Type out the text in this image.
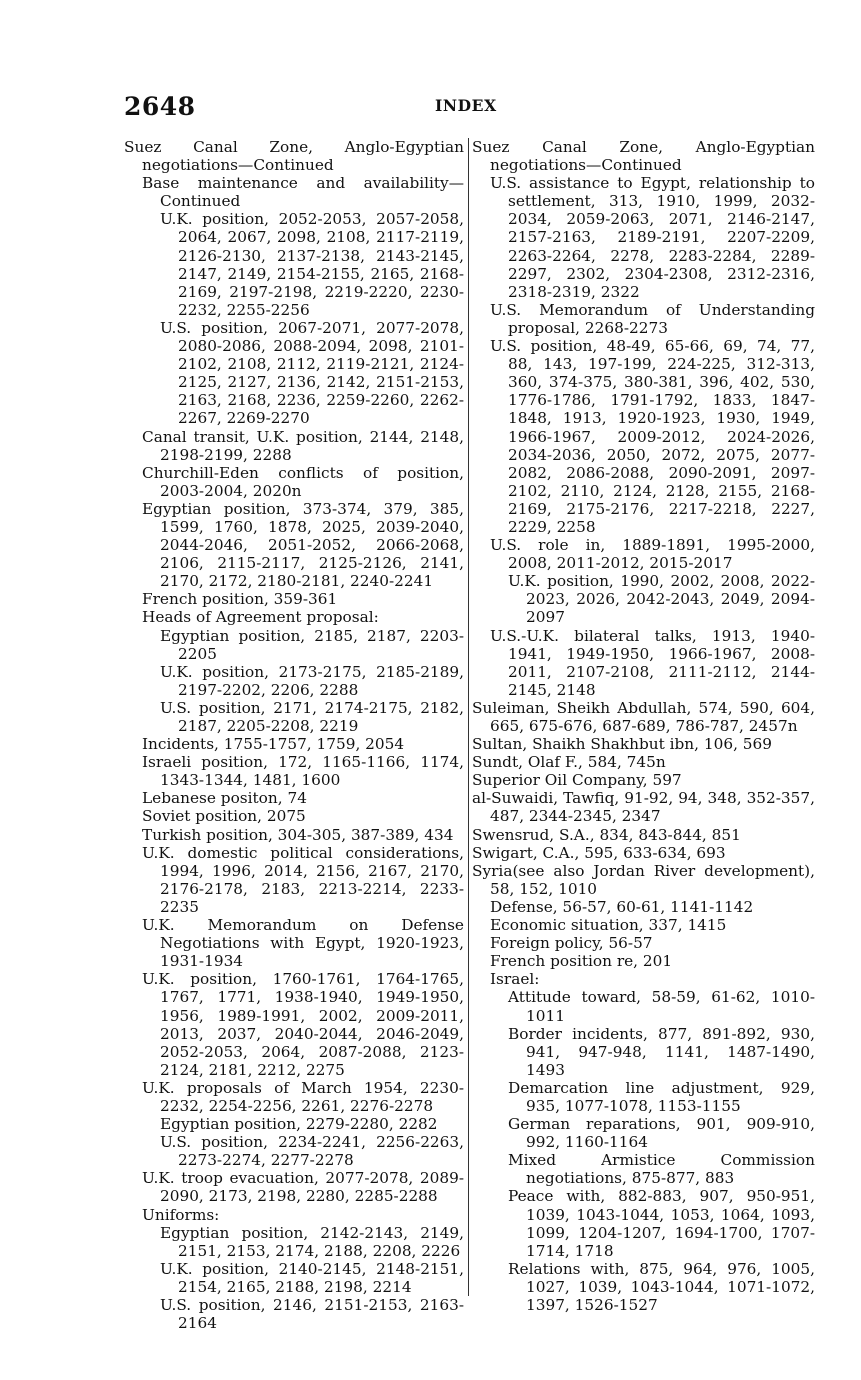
2648	INDEX

Suez Canal Zone, Anglo-Egyptian negotiations—Continued

Base maintenance and availability—Continued

U.K. position, 2052-2053, 2057-2058, 2064, 2067, 2098, 2108, 2117-2119, 2126-2130, 2137-2138, 2143-2145, 2147, 2149, 2154-2155, 2165, 2168-2169, 2197-2198, 2219-2220, 2230-2232, 2255-2256

U.S. position, 2067-2071, 2077-2078, 2080-2086, 2088-2094, 2098, 2101-2102, 2108, 2112, 2119-2121, 2124-2125, 2127, 2136, 2142, 2151-2153, 2163, 2168, 2236, 2259-2260, 2262-2267, 2269-2270

Canal transit, U.K. position, 2144, 2148, 2198-2199, 2288

Churchill-Eden conflicts of position, 2003-2004, 2020n

Egyptian position, 373-374, 379, 385, 1599, 1760, 1878, 2025, 2039-2040, 2044-2046, 2051-2052, 2066-2068, 2106, 2115-2117, 2125-2126, 2141, 2170, 2172, 2180-2181, 2240-2241

French position, 359-361

Heads of Agreement proposal:

Egyptian position, 2185, 2187, 2203-2205

U.K. position, 2173-2175, 2185-2189, 2197-2202, 2206, 2288

U.S. position, 2171, 2174-2175, 2182, 2187, 2205-2208, 2219

Incidents, 1755-1757, 1759, 2054

Israeli position, 172, 1165-1166, 1174, 1343-1344, 1481, 1600

Lebanese positon, 74

Soviet position, 2075

Turkish position, 304-305, 387-389, 434

U.K. domestic political considerations, 1994, 1996, 2014, 2156, 2167, 2170, 2176-2178, 2183, 2213-2214, 2233-2235

U.K. Memorandum on Defense Negotiations with Egypt, 1920-1923, 1931-1934

U.K. position, 1760-1761, 1764-1765, 1767, 1771, 1938-1940, 1949-1950, 1956, 1989-1991, 2002, 2009-2011, 2013, 2037, 2040-2044, 2046-2049, 2052-2053, 2064, 2087-2088, 2123-2124, 2181, 2212, 2275

U.K. proposals of March 1954, 2230-2232, 2254-2256, 2261, 2276-2278

Egyptian position, 2279-2280, 2282

U.S. position, 2234-2241, 2256-2263, 2273-2274, 2277-2278

U.K. troop evacuation, 2077-2078, 2089-2090, 2173, 2198, 2280, 2285-2288

Uniforms:

Egyptian position, 2142-2143, 2149, 2151, 2153, 2174, 2188, 2208, 2226

U.K. position, 2140-2145, 2148-2151, 2154, 2165, 2188, 2198, 2214

U.S. position, 2146, 2151-2153, 2163-2164

Suez Canal Zone, Anglo-Egyptian negotiations—Continued

U.S. assistance to Egypt, relationship to settlement, 313, 1910, 1999, 2032-2034, 2059-2063, 2071, 2146-2147, 2157-2163, 2189-2191, 2207-2209, 2263-2264, 2278, 2283-2284, 2289-2297, 2302, 2304-2308, 2312-2316, 2318-2319, 2322

U.S. Memorandum of Understanding proposal, 2268-2273

U.S. position, 48-49, 65-66, 69, 74, 77, 88, 143, 197-199, 224-225, 312-313, 360, 374-375, 380-381, 396, 402, 530, 1776-1786, 1791-1792, 1833, 1847-1848, 1913, 1920-1923, 1930, 1949, 1966-1967, 2009-2012, 2024-2026, 2034-2036, 2050, 2072, 2075, 2077-2082, 2086-2088, 2090-2091, 2097-2102, 2110, 2124, 2128, 2155, 2168-2169, 2175-2176, 2217-2218, 2227, 2229, 2258

U.S. role in, 1889-1891, 1995-2000, 2008, 2011-2012, 2015-2017

U.K. position, 1990, 2002, 2008, 2022-2023, 2026, 2042-2043, 2049, 2094-2097

U.S.-U.K. bilateral talks, 1913, 1940-1941, 1949-1950, 1966-1967, 2008-2011, 2107-2108, 2111-2112, 2144-2145, 2148

Suleiman, Sheikh Abdullah, 574, 590, 604, 665, 675-676, 687-689, 786-787, 2457n

Sultan, Shaikh Shakhbut ibn, 106, 569

Sundt, Olaf F., 584, 745n

Superior Oil Company, 597

al-Suwaidi, Tawfiq, 91-92, 94, 348, 352-357, 487, 2344-2345, 2347

Swensrud, S.A., 834, 843-844, 851

Swigart, C.A., 595, 633-634, 693

Syria(see also Jordan River development), 58, 152, 1010

Defense, 56-57, 60-61, 1141-1142

Economic situation, 337, 1415

Foreign policy, 56-57

French position re, 201

Israel:

Attitude toward, 58-59, 61-62, 1010-1011

Border incidents, 877, 891-892, 930, 941, 947-948, 1141, 1487-1490, 1493

Demarcation line adjustment, 929, 935, 1077-1078, 1153-1155

German reparations, 901, 909-910, 992, 1160-1164

Mixed Armistice Commission negotiations, 875-877, 883

Peace with, 882-883, 907, 950-951, 1039, 1043-1044, 1053, 1064, 1093, 1099, 1204-1207, 1694-1700, 1707-1714, 1718

Relations with, 875, 964, 976, 1005, 1027, 1039, 1043-1044, 1071-1072, 1397, 1526-1527
